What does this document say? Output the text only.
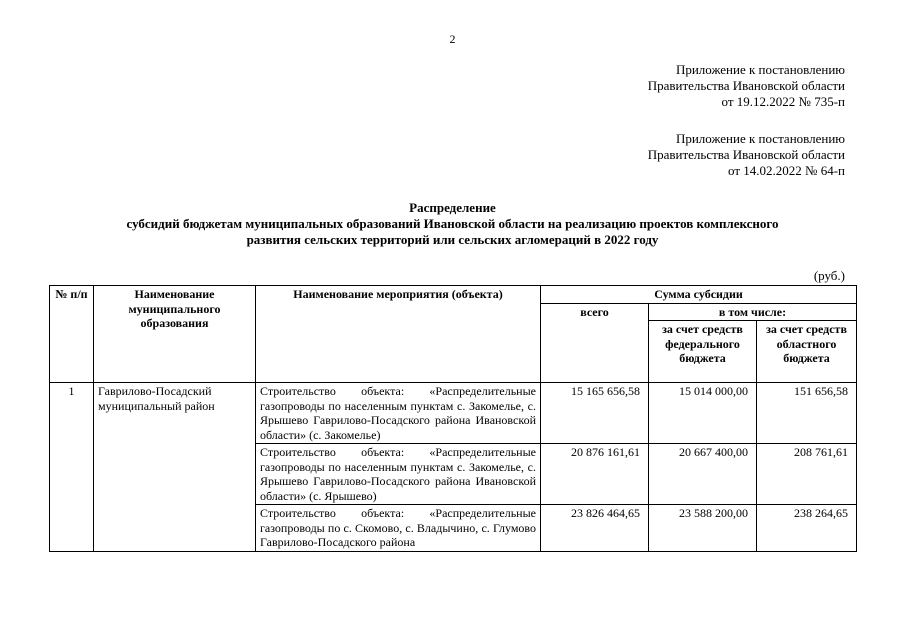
2
Приложение к постановлению
Правительства Ивановской области
от 19.12.2022 № 735-п
Приложение к постановлению
Правительства Ивановской области
от 14.02.2022 № 64-п
Распределение
субсидий бюджетам муниципальных образований Ивановской области на реализацию проектов комплексного
развития сельских территорий или сельских агломераций в 2022 году
(руб.)
№ п/п	Наименование муниципального образования	Наименование мероприятия (объекта)	Сумма субсидии		
			всего	в том числе:	
				за счет средств федерального бюджета	за счет средств областного бюджета
1	Гаврилово-Посадский муниципальный район	Строительство объекта: «Распределительные газопроводы по населенным пунктам с. Закомелье, с. Ярышево Гаврилово-Посадского района Ивановской области» (с. Закомелье)	15 165 656,58	15 014 000,00	151 656,58
		Строительство объекта: «Распределительные газопроводы по населенным пунктам с. Закомелье, с. Ярышево Гаврилово-Посадского района Ивановской области» (с. Ярышево)	20 876 161,61	20 667 400,00	208 761,61
		Строительство объекта: «Распределительные газопроводы по с. Скомово, с. Владычино, с. Глумово Гаврилово-Посадского района	23 826 464,65	23 588 200,00	238 264,65
